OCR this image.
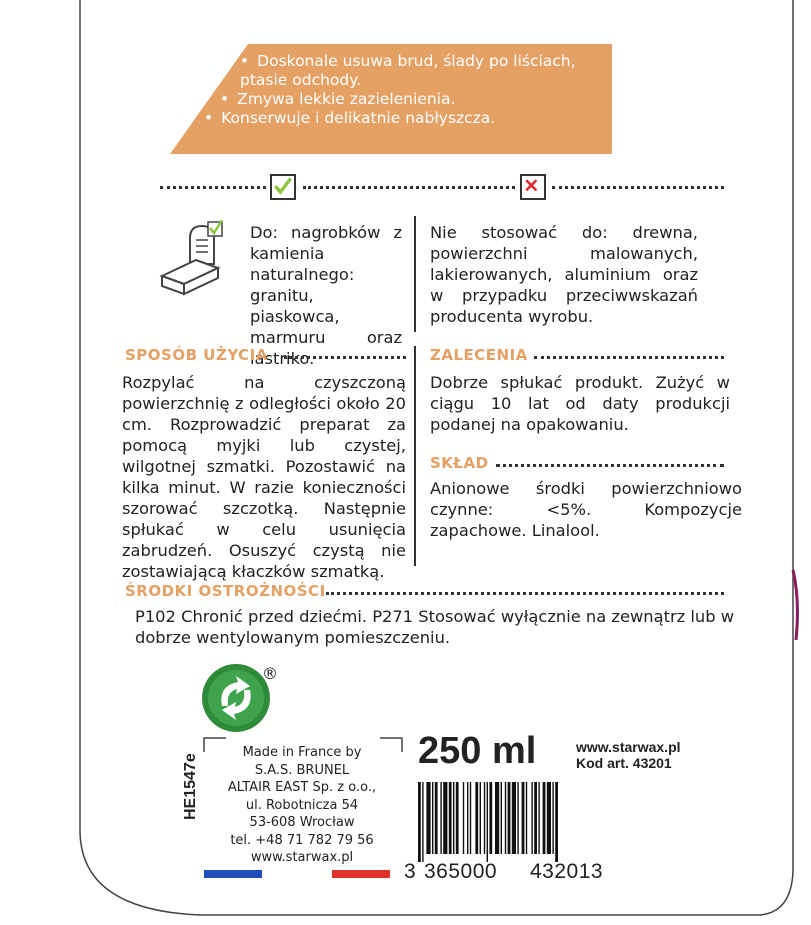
• Doskonale usuwa brud, ślady po liściach, ptasie odchody.
• Zmywa lekkie zazielenienia.
• Konserwuje i delikatnie nabłyszcza.
Do: nagrobków z kamienia naturalnego: granitu, piaskowca, marmuru oraz lastriko.
Nie stosować do: drewna, powierzchni malowanych, lakierowanych, aluminium oraz w przypadku przeciwwskazań producenta wyrobu.
SPOSÓB UŻYCIA
Rozpylać na czyszczoną powierzchnię z odległości około 20 cm. Rozprowadzić preparat za pomocą myjki lub czystej, wilgotnej szmatki. Pozostawić na kilka minut. W razie konieczności szorować szczotką. Następnie spłukać w celu usunięcia zabrudzeń. Osuszyć czystą nie zostawiającą kłaczków szmatką.
ZALECENIA
Dobrze spłukać produkt. Zużyć w ciągu 10 lat od daty produkcji podanej na opakowaniu.
SKŁAD
Anionowe środki powierzchniowo czynne: <5%. Kompozycje zapachowe. Linalool.
ŚRODKI OSTROŻNOŚCI
P102 Chronić przed dziećmi. P271 Stosować wyłącznie na zewnątrz lub w dobrze wentylowanym pomieszczeniu.
®
HE1547e
Made in France by
S.A.S. BRUNEL
ALTAIR EAST Sp. z o.o.,
ul. Robotnicza 54
53-608 Wrocław
tel. +48 71 782 79 56
www.starwax.pl
250 ml	www.starwax.pl
Kod art. 43201
3 365000 432013
